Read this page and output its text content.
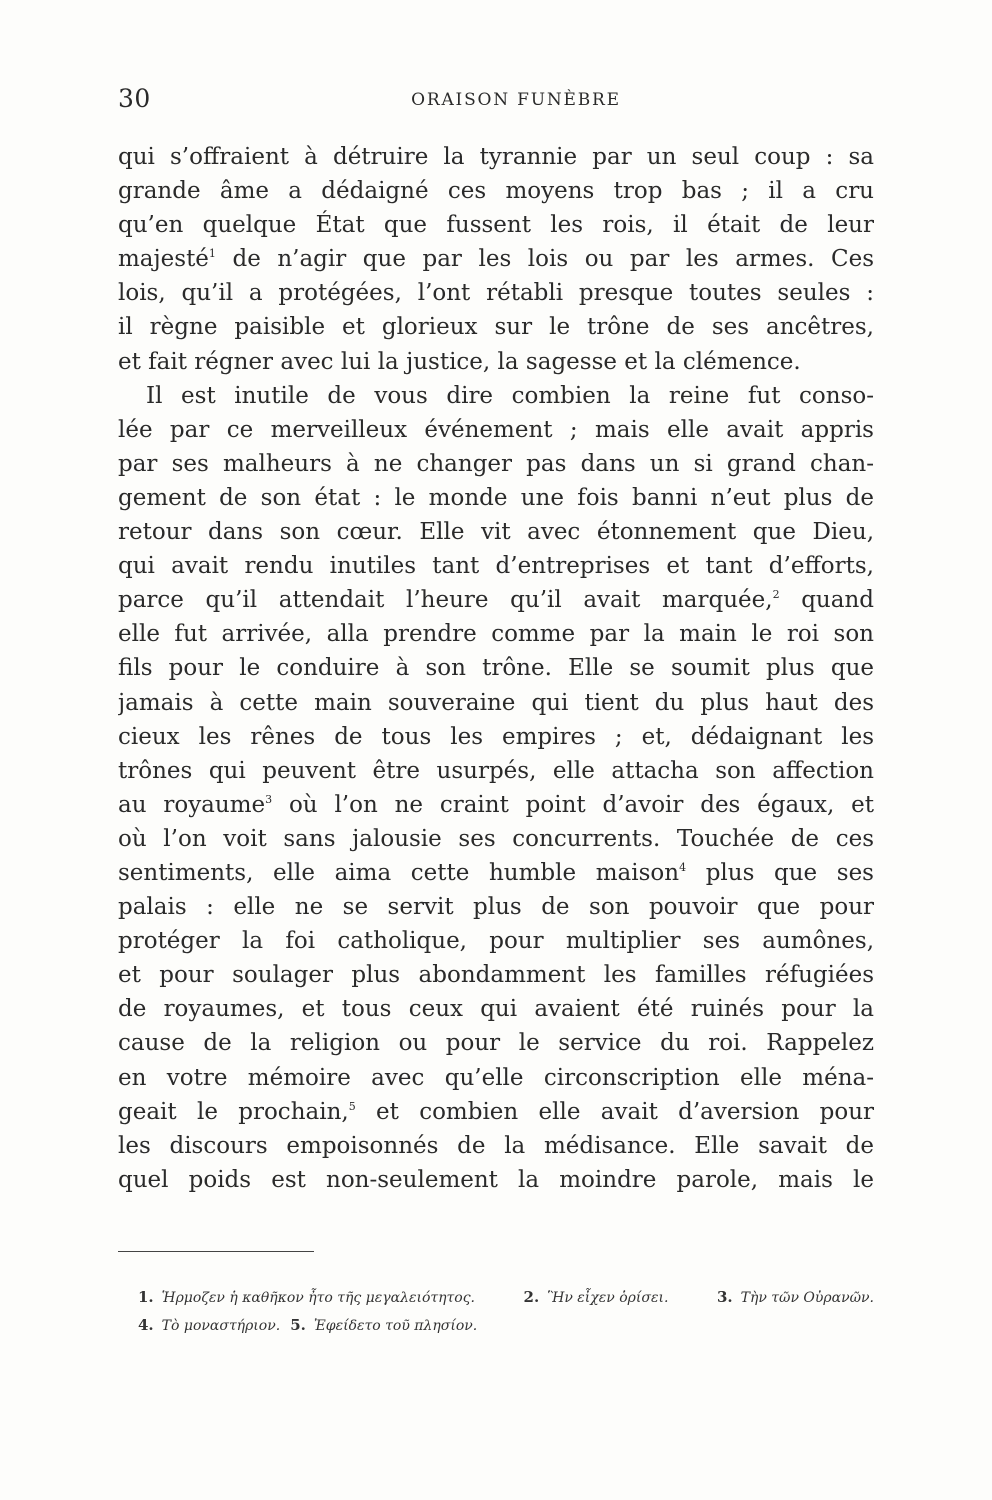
30	ORAISON FUNÈBRE
qui s’offraient à détruire la tyrannie par un seul coup : sa
grande âme a dédaigné ces moyens trop bas ; il a cru
qu’en quelque État que fussent les rois, il était de leur
majesté$^1$ de n’agir que par les lois ou par les armes. Ces
lois, qu’il a protégées, l’ont rétabli presque toutes seules :
il règne paisible et glorieux sur le trône de ses ancêtres,
et fait régner avec lui la justice, la sagesse et la clémence.
Il est inutile de vous dire combien la reine fut conso-
lée par ce merveilleux événement ; mais elle avait appris
par ses malheurs à ne changer pas dans un si grand chan-
gement de son état : le monde une fois banni n’eut plus de
retour dans son cœur. Elle vit avec étonnement que Dieu,
qui avait rendu inutiles tant d’entreprises et tant d’efforts,
parce qu’il attendait l’heure qu’il avait marquée,$^2$ quand
elle fut arrivée, alla prendre comme par la main le roi son
fils pour le conduire à son trône. Elle se soumit plus que
jamais à cette main souveraine qui tient du plus haut des
cieux les rênes de tous les empires ; et, dédaignant les
trônes qui peuvent être usurpés, elle attacha son affection
au royaume$^3$ où l’on ne craint point d’avoir des égaux, et
où l’on voit sans jalousie ses concurrents. Touchée de ces
sentiments, elle aima cette humble maison$^4$ plus que ses
palais : elle ne se servit plus de son pouvoir que pour
protéger la foi catholique, pour multiplier ses aumônes,
et pour soulager plus abondamment les familles réfugiées
de royaumes, et tous ceux qui avaient été ruinés pour la
cause de la religion ou pour le service du roi. Rappelez
en votre mémoire avec qu’elle circonscription elle ména-
geait le prochain,$^5$ et combien elle avait d’aversion pour
les discours empoisonnés de la médisance. Elle savait de
quel poids est non-seulement la moindre parole, mais le
1. Ἡρμοζεν ἡ καθῆκον ἦτο τῆς μεγαλειότητος.	2. Ἣν εἶχεν ὁρίσει.	3. Τὴν τῶν Οὐρανῶν.
4. Τὸ μοναστήριον. 5. Ἐφείδετο τοῦ πλησίον.
